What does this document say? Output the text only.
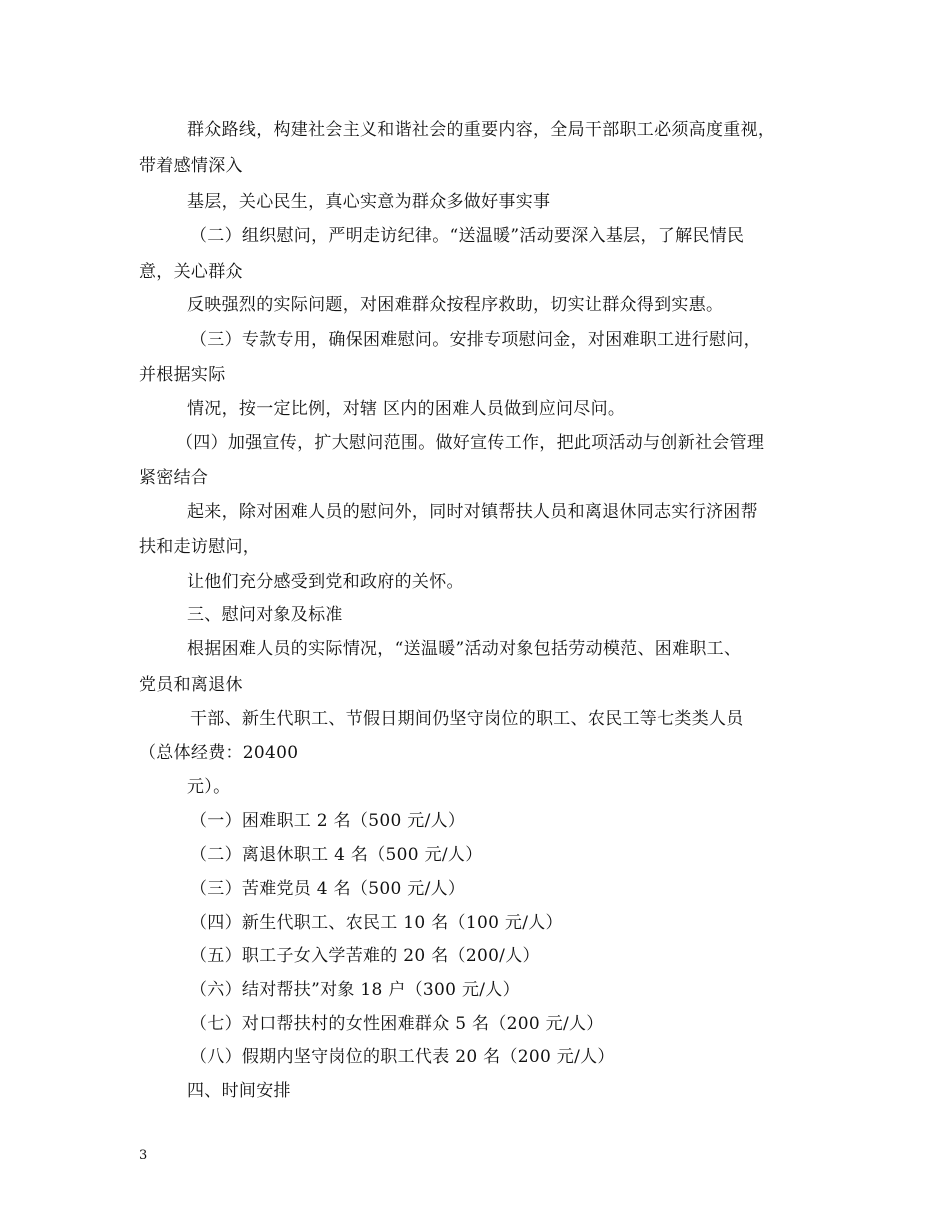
群众路线，构建社会主义和谐社会的重要内容，全局干部职工必须高度重视，
带着感情深入
基层，关心民生，真心实意为群众多做好事实事
（二）组织慰问，严明走访纪律。“送温暖”活动要深入基层，了解民情民
意，关心群众
反映强烈的实际问题，对困难群众按程序救助，切实让群众得到实惠。
（三）专款专用，确保困难慰问。安排专项慰问金，对困难职工进行慰问，
并根据实际
情况，按一定比例，对辖 区内的困难人员做到应问尽问。
（四）加强宣传，扩大慰问范围。做好宣传工作，把此项活动与创新社会管理
紧密结合
起来，除对困难人员的慰问外，同时对镇帮扶人员和离退休同志实行济困帮
扶和走访慰问，
让他们充分感受到党和政府的关怀。
三、慰问对象及标准
根据困难人员的实际情况，“送温暖”活动对象包括劳动模范、困难职工、
党员和离退休
干部、新生代职工、节假日期间仍坚守岗位的职工、农民工等七类类人员
（总体经费：20400
元）。
（一）困难职工 2 名（500 元/人）
（二）离退休职工 4 名（500 元/人）
（三）苦难党员 4 名（500 元/人）
（四）新生代职工、农民工 10 名（100 元/人）
（五）职工子女入学苦难的 20 名（200/人）
（六）结对帮扶”对象 18 户（300 元/人）
（七）对口帮扶村的女性困难群众 5 名（200 元/人）
（八）假期内坚守岗位的职工代表 20 名（200 元/人）
四、时间安排
3
